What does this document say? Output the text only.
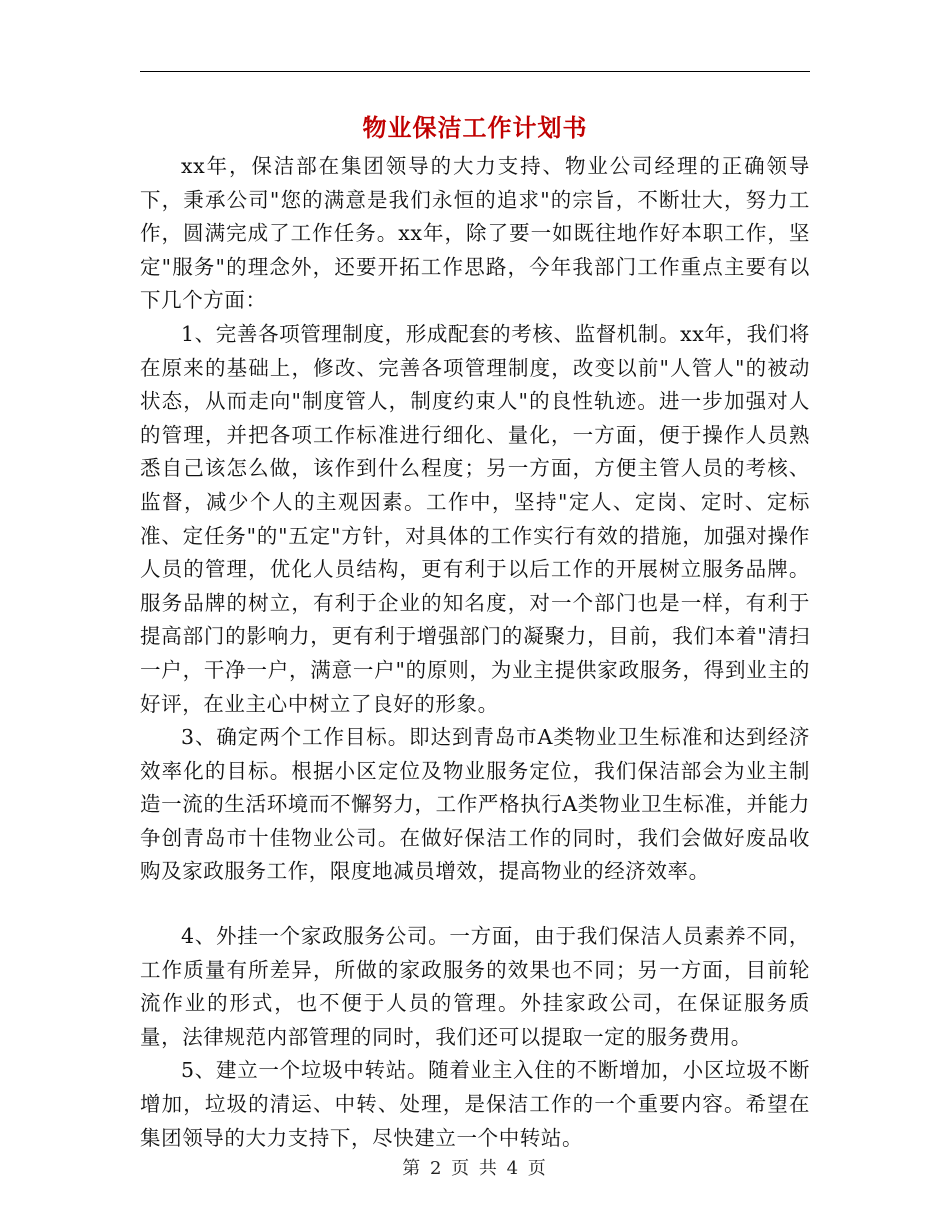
物业保洁工作计划书

xx年，保洁部在集团领导的大力支持、物业公司经理的正确领导下，秉承公司"您的满意是我们永恒的追求"的宗旨，不断壮大，努力工作，圆满完成了工作任务。xx年，除了要一如既往地作好本职工作，坚定"服务"的理念外，还要开拓工作思路，今年我部门工作重点主要有以下几个方面：

1、完善各项管理制度，形成配套的考核、监督机制。xx年，我们将在原来的基础上，修改、完善各项管理制度，改变以前"人管人"的被动状态，从而走向"制度管人，制度约束人"的良性轨迹。进一步加强对人的管理，并把各项工作标准进行细化、量化，一方面，便于操作人员熟悉自己该怎么做，该作到什么程度；另一方面，方便主管人员的考核、监督，减少个人的主观因素。工作中，坚持"定人、定岗、定时、定标准、定任务"的"五定"方针，对具体的工作实行有效的措施，加强对操作人员的管理，优化人员结构，更有利于以后工作的开展树立服务品牌。服务品牌的树立，有利于企业的知名度，对一个部门也是一样，有利于提高部门的影响力，更有利于增强部门的凝聚力，目前，我们本着"清扫一户，干净一户，满意一户"的原则，为业主提供家政服务，得到业主的好评，在业主心中树立了良好的形象。

3、确定两个工作目标。即达到青岛市A类物业卫生标准和达到经济效率化的目标。根据小区定位及物业服务定位，我们保洁部会为业主制造一流的生活环境而不懈努力，工作严格执行A类物业卫生标准，并能力争创青岛市十佳物业公司。在做好保洁工作的同时，我们会做好废品收购及家政服务工作，限度地减员增效，提高物业的经济效率。

4、外挂一个家政服务公司。一方面，由于我们保洁人员素养不同，工作质量有所差异，所做的家政服务的效果也不同；另一方面，目前轮流作业的形式，也不便于人员的管理。外挂家政公司，在保证服务质量，法律规范内部管理的同时，我们还可以提取一定的服务费用。

5、建立一个垃圾中转站。随着业主入住的不断增加，小区垃圾不断增加，垃圾的清运、中转、处理，是保洁工作的一个重要内容。希望在集团领导的大力支持下，尽快建立一个中转站。

第 2 页 共 4 页
